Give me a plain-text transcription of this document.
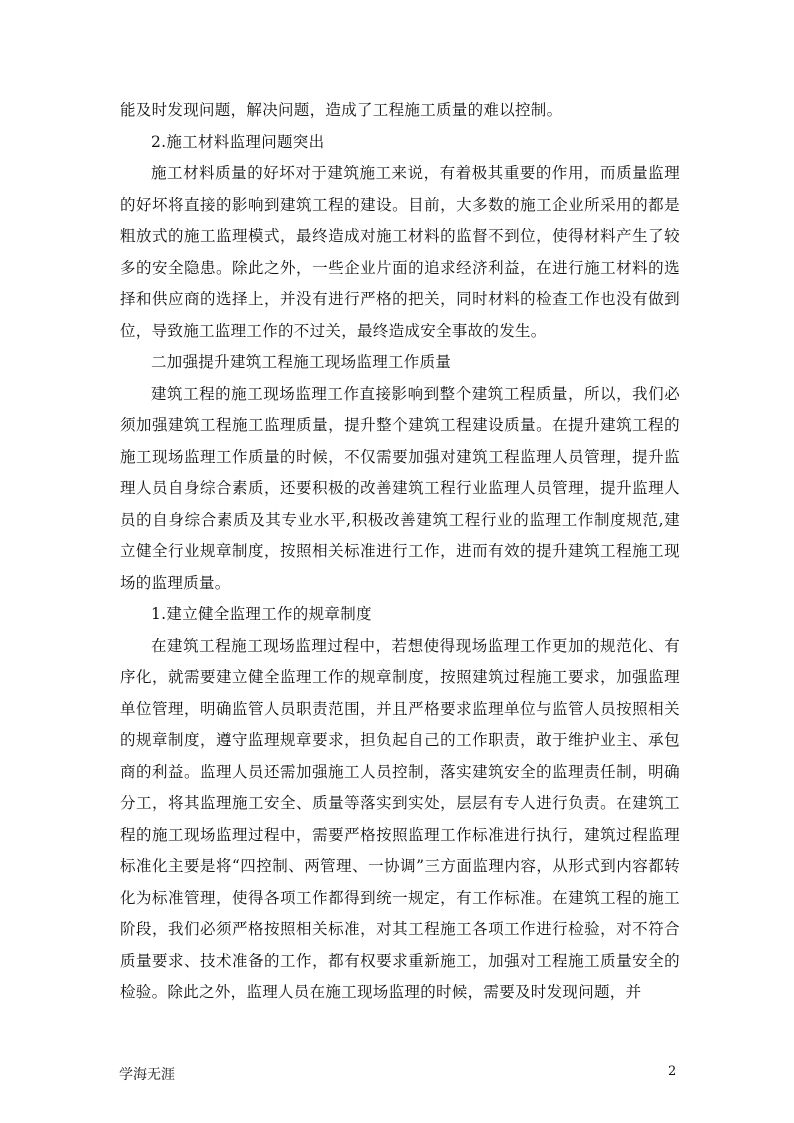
能及时发现问题，解决问题，造成了工程施工质量的难以控制。

2.施工材料监理问题突出

施工材料质量的好坏对于建筑施工来说，有着极其重要的作用，而质量监理的好坏将直接的影响到建筑工程的建设。目前，大多数的施工企业所采用的都是粗放式的施工监理模式，最终造成对施工材料的监督不到位，使得材料产生了较多的安全隐患。除此之外，一些企业片面的追求经济利益，在进行施工材料的选择和供应商的选择上，并没有进行严格的把关，同时材料的检查工作也没有做到位，导致施工监理工作的不过关，最终造成安全事故的发生。

二加强提升建筑工程施工现场监理工作质量

建筑工程的施工现场监理工作直接影响到整个建筑工程质量，所以，我们必须加强建筑工程施工监理质量，提升整个建筑工程建设质量。在提升建筑工程的施工现场监理工作质量的时候，不仅需要加强对建筑工程监理人员管理，提升监理人员自身综合素质，还要积极的改善建筑工程行业监理人员管理，提升监理人员的自身综合素质及其专业水平,积极改善建筑工程行业的监理工作制度规范,建立健全行业规章制度，按照相关标准进行工作，进而有效的提升建筑工程施工现场的监理质量。

1.建立健全监理工作的规章制度

在建筑工程施工现场监理过程中，若想使得现场监理工作更加的规范化、有序化，就需要建立健全监理工作的规章制度，按照建筑过程施工要求，加强监理单位管理，明确监管人员职责范围，并且严格要求监理单位与监管人员按照相关的规章制度，遵守监理规章要求，担负起自己的工作职责，敢于维护业主、承包商的利益。监理人员还需加强施工人员控制，落实建筑安全的监理责任制，明确分工，将其监理施工安全、质量等落实到实处，层层有专人进行负责。在建筑工程的施工现场监理过程中，需要严格按照监理工作标准进行执行，建筑过程监理标准化主要是将“四控制、两管理、一协调”三方面监理内容，从形式到内容都转化为标准管理，使得各项工作都得到统一规定，有工作标准。在建筑工程的施工阶段，我们必须严格按照相关标准，对其工程施工各项工作进行检验，对不符合质量要求、技术准备的工作，都有权要求重新施工，加强对工程施工质量安全的检验。除此之外，监理人员在施工现场监理的时候，需要及时发现问题，并

学海无涯	2
